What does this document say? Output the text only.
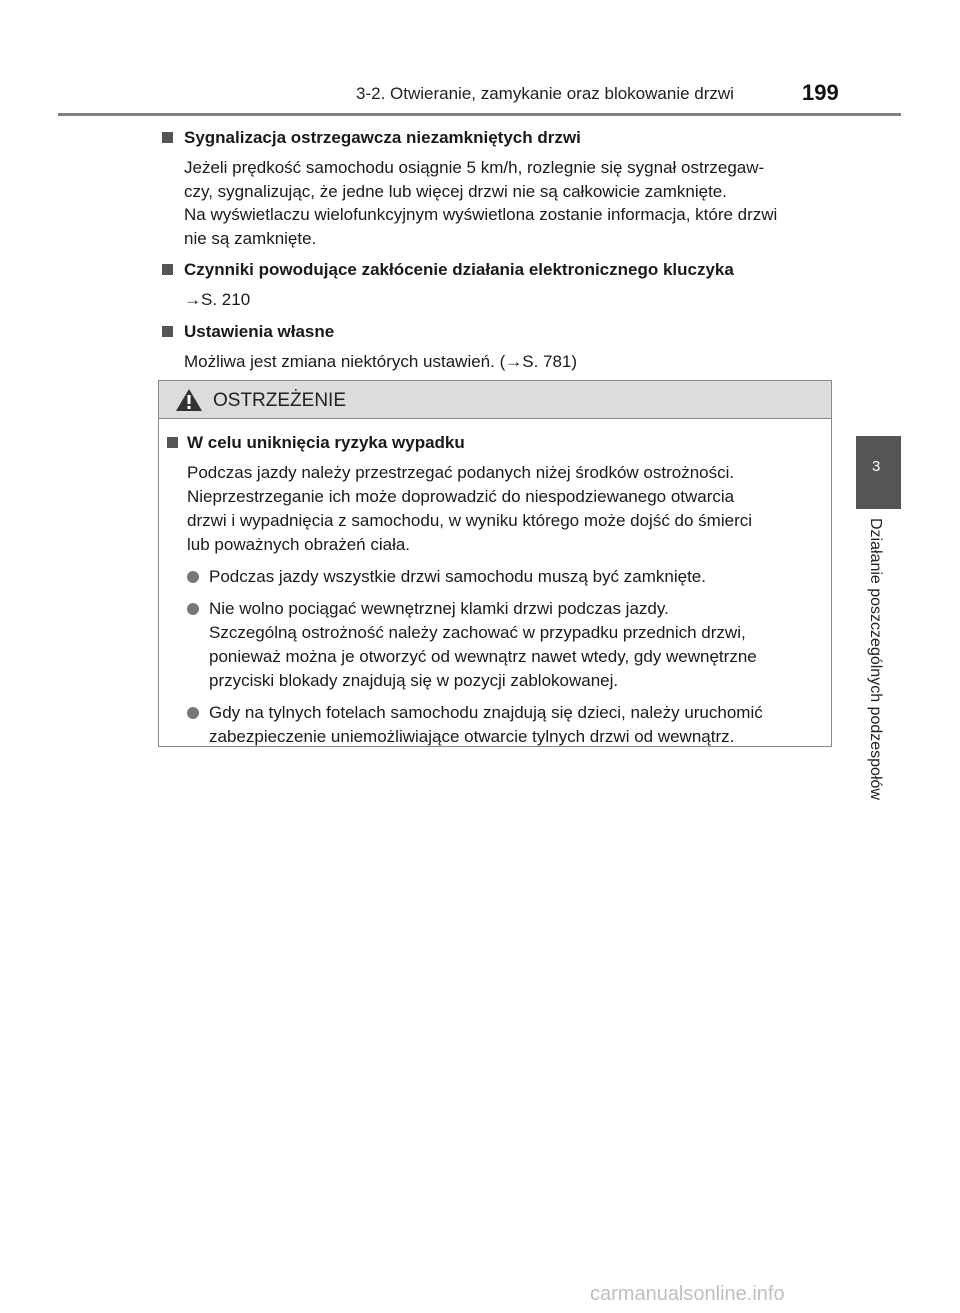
3-2. Otwieranie, zamykanie oraz blokowanie drzwi	199

Sygnalizacja ostrzegawcza niezamkniętych drzwi

Jeżeli prędkość samochodu osiągnie 5 km/h, rozlegnie się sygnał ostrzegaw-
czy, sygnalizując, że jedne lub więcej drzwi nie są całkowicie zamknięte.
Na wyświetlaczu wielofunkcyjnym wyświetlona zostanie informacja, które drzwi
nie są zamknięte.

Czynniki powodujące zakłócenie działania elektronicznego kluczyka

→S. 210

Ustawienia własne

Możliwa jest zmiana niektórych ustawień. (→S. 781)

OSTRZEŻENIE

W celu uniknięcia ryzyka wypadku

Podczas jazdy należy przestrzegać podanych niżej środków ostrożności.
Nieprzestrzeganie ich może doprowadzić do niespodziewanego otwarcia
drzwi i wypadnięcia z samochodu, w wyniku którego może dojść do śmierci
lub poważnych obrażeń ciała.

Podczas jazdy wszystkie drzwi samochodu muszą być zamknięte.

Nie wolno pociągać wewnętrznej klamki drzwi podczas jazdy.
Szczególną ostrożność należy zachować w przypadku przednich drzwi,
ponieważ można je otworzyć od wewnątrz nawet wtedy, gdy wewnętrzne
przyciski blokady znajdują się w pozycji zablokowanej.

Gdy na tylnych fotelach samochodu znajdują się dzieci, należy uruchomić
zabezpieczenie uniemożliwiające otwarcie tylnych drzwi od wewnątrz.

3
Działanie poszczególnych podzespołów
carmanualsonline.info
